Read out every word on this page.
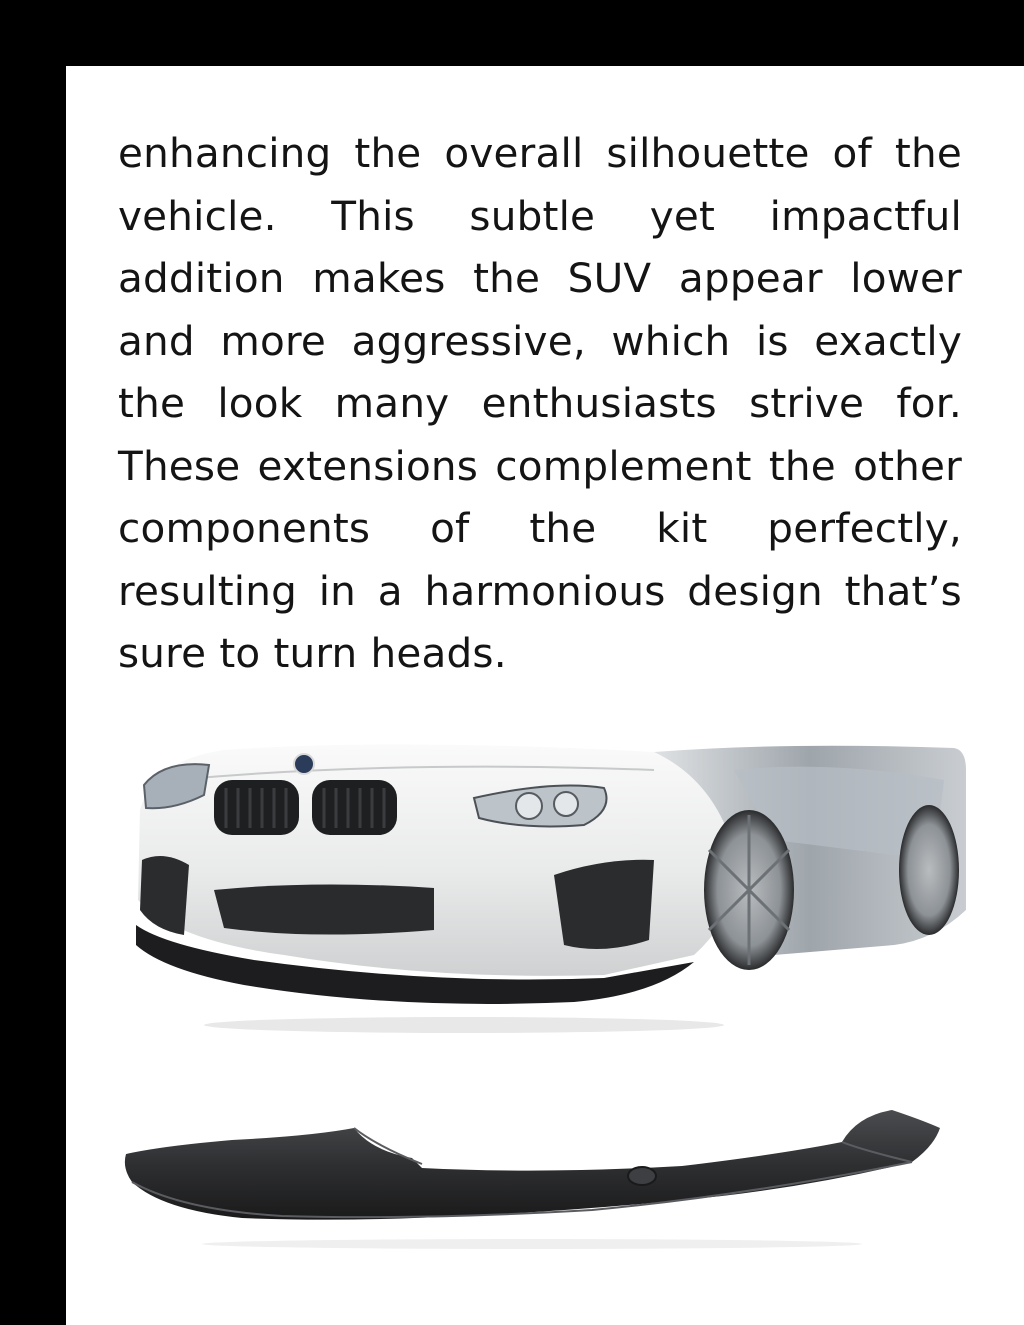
enhancing the overall silhouette of the vehicle. This subtle yet impactful addition makes the SUV appear lower and more aggressive, which is exactly the look many enthusiasts strive for. These extensions complement the other components of the kit perfectly, resulting in a harmonious design that’s sure to turn heads.
